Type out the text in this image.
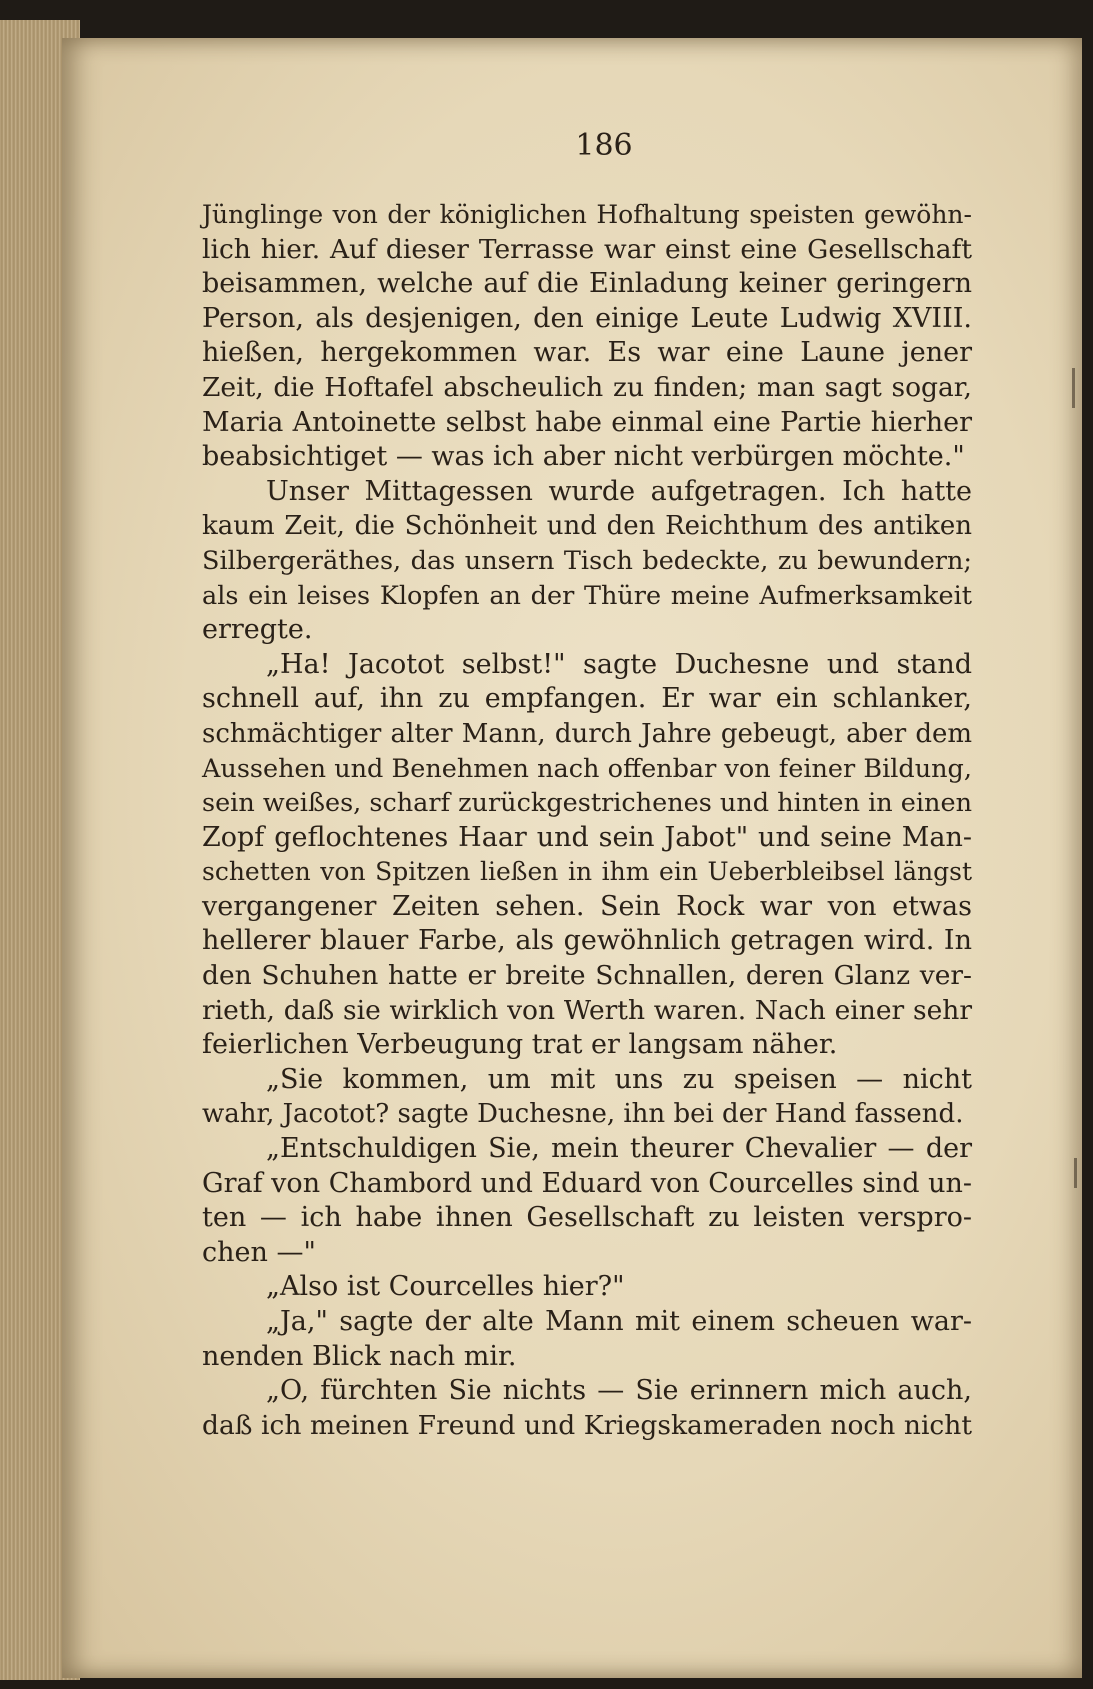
186
Jünglinge von der königlichen Hofhaltung speisten gewöhn-
lich hier. Auf dieser Terrasse war einst eine Gesellschaft
beisammen, welche auf die Einladung keiner geringern
Person, als desjenigen, den einige Leute Ludwig XVIII.
hießen, hergekommen war. Es war eine Laune jener
Zeit, die Hoftafel abscheulich zu finden; man sagt sogar,
Maria Antoinette selbst habe einmal eine Partie hierher
beabsichtiget — was ich aber nicht verbürgen möchte."
Unser Mittagessen wurde aufgetragen. Ich hatte
kaum Zeit, die Schönheit und den Reichthum des antiken
Silbergeräthes, das unsern Tisch bedeckte, zu bewundern;
als ein leises Klopfen an der Thüre meine Aufmerksamkeit
erregte.
„Ha! Jacotot selbst!" sagte Duchesne und stand
schnell auf, ihn zu empfangen. Er war ein schlanker,
schmächtiger alter Mann, durch Jahre gebeugt, aber dem
Aussehen und Benehmen nach offenbar von feiner Bildung,
sein weißes, scharf zurückgestrichenes und hinten in einen
Zopf geflochtenes Haar und sein Jabot" und seine Man-
schetten von Spitzen ließen in ihm ein Ueberbleibsel längst
vergangener Zeiten sehen. Sein Rock war von etwas
hellerer blauer Farbe, als gewöhnlich getragen wird. In
den Schuhen hatte er breite Schnallen, deren Glanz ver-
rieth, daß sie wirklich von Werth waren. Nach einer sehr
feierlichen Verbeugung trat er langsam näher.
„Sie kommen, um mit uns zu speisen — nicht
wahr, Jacotot? sagte Duchesne, ihn bei der Hand fassend.
„Entschuldigen Sie, mein theurer Chevalier — der
Graf von Chambord und Eduard von Courcelles sind un-
ten — ich habe ihnen Gesellschaft zu leisten verspro-
chen —"
„Also ist Courcelles hier?"
„Ja," sagte der alte Mann mit einem scheuen war-
nenden Blick nach mir.
„O, fürchten Sie nichts — Sie erinnern mich auch,
daß ich meinen Freund und Kriegskameraden noch nicht
